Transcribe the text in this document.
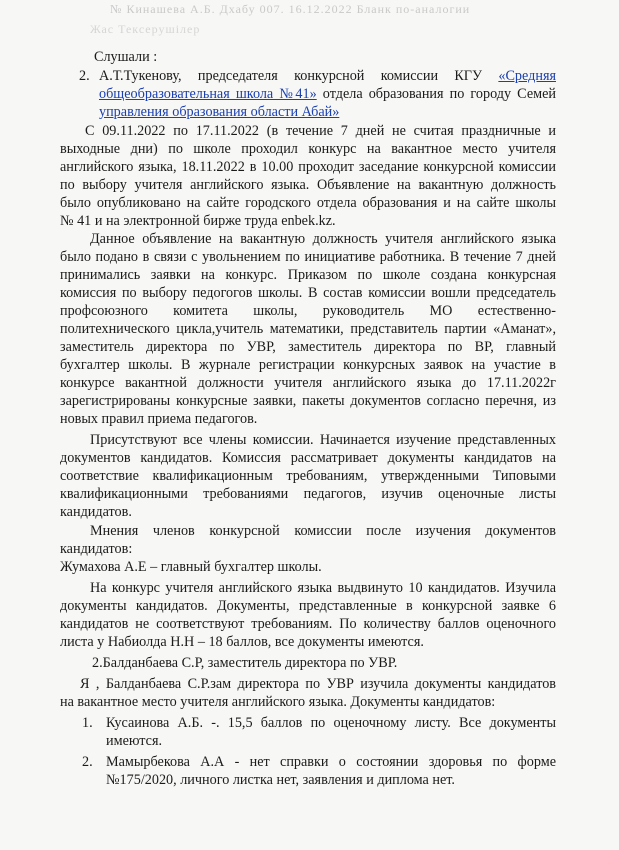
№ Кинашева А.Б. Дхабу 007. 16.12.2022 Бланк по-аналогии
Жас Тексерушілер
Слушали :
2. А.Т.Тукенову, председателя конкурсной комиссии КГУ «Средняя
общеобразовательная школа №41» отдела образования по городу Семей
управления образования области Абай»
С 09.11.2022 по 17.11.2022 (в течение 7 дней не считая праздничные и
выходные дни) по школе проходил конкурс на вакантное место учителя
английского языка, 18.11.2022 в 10.00 проходит заседание конкурсной комиссии
по выбору учителя английского языка. Объявление на вакантную должность
было опубликовано на сайте городского отдела образования и на сайте школы
№ 41 и на электронной бирже труда enbek.kz.
Данное объявление на вакантную должность учителя английского языка
было подано в связи с увольнением по инициативе работника. В течение 7 дней
принимались заявки на конкурс. Приказом по школе создана конкурсная
комиссия по выбору педогогов школы. В состав комиссии вошли председатель
профсоюзного комитета школы, руководитель МО естественно-
политехнического цикла,учитель математики, представитель партии «Аманат»,
заместитель директора по УВР, заместитель директора по ВР, главный
бухгалтер школы. В журнале регистрации конкурсных заявок на участие в
конкурсе вакантной должности учителя английского языка до 17.11.2022г
зарегистрированы конкурсные заявки, пакеты документов согласно перечня, из
новых правил приема педагогов.
Присутствуют все члены комиссии. Начинается изучение представленных
документов кандидатов. Комиссия рассматривает документы кандидатов на
соответствие квалификационным требованиям, утвержденными Типовыми
квалификационными требованиями педагогов, изучив оценочные листы
кандидатов.
Мнения членов конкурсной комиссии после изучения документов
кандидатов:
Жумахова А.Е – главный бухгалтер школы.
На конкурс учителя английского языка выдвинуто 10 кандидатов. Изучила
документы кандидатов. Документы, представленные в конкурсной заявке 6
кандидатов не соответствуют требованиям. По количеству баллов оценочного
листа у Набиолда Н.Н – 18 баллов, все документы имеются.
2.Балданбаева С.Р, заместитель директора по УВР.
Я , Балданбаева С.Р.зам директора по УВР изучила документы кандидатов
на вакантное место учителя английского языка. Документы кандидатов:
1. Кусаинова А.Б. -. 15,5 баллов по оценочному листу. Все документы
имеются.
2. Мамырбекова А.А - нет справки о состоянии здоровья по форме
№175/2020, личного листка нет, заявления и диплома нет.
